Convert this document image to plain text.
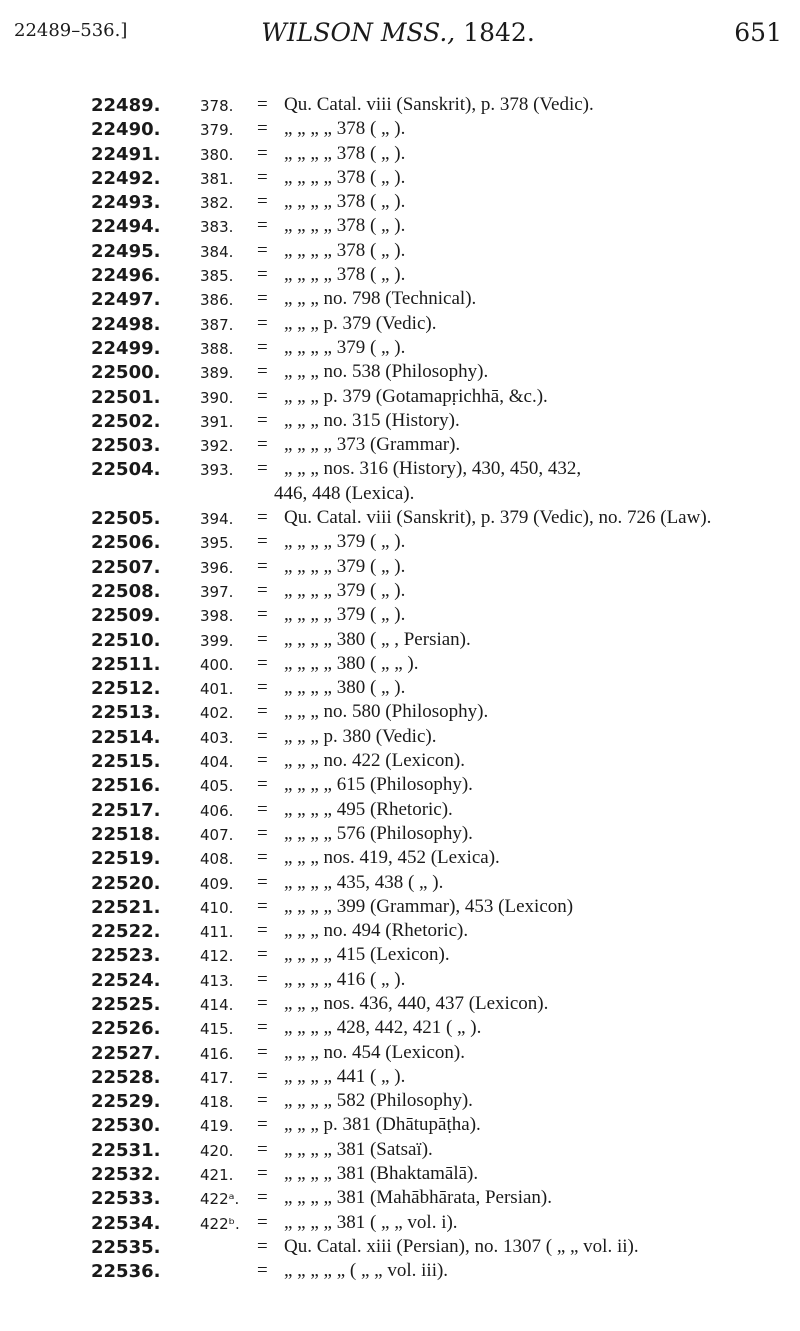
22489–536.]	WILSON MSS., 1842.	651
22489.	378. = Qu. Catal. viii (Sanskrit), p. 378 (Vedic).
22490.	379. = „ „ „ „ 378 ( „ ).
22491.	380. = „ „ „ „ 378 ( „ ).
22492.	381. = „ „ „ „ 378 ( „ ).
22493.	382. = „ „ „ „ 378 ( „ ).
22494.	383. = „ „ „ „ 378 ( „ ).
22495.	384. = „ „ „ „ 378 ( „ ).
22496.	385. = „ „ „ „ 378 ( „ ).
22497.	386. = „ „ „ no. 798 (Technical).
22498.	387. = „ „ „ p. 379 (Vedic).
22499.	388. = „ „ „ „ 379 ( „ ).
22500.	389. = „ „ „ no. 538 (Philosophy).
22501.	390. = „ „ „ p. 379 (Gotamapṛichhā, &c.).
22502.	391. = „ „ „ no. 315 (History).
22503.	392. = „ „ „ „ 373 (Grammar).
22504.	393. = „ „ „ nos. 316 (History), 430, 450, 432,
446, 448 (Lexica).
22505.	394. = Qu. Catal. viii (Sanskrit), p. 379 (Vedic), no. 726 (Law).
22506.	395. = „ „ „ „ 379 ( „ ).
22507.	396. = „ „ „ „ 379 ( „ ).
22508.	397. = „ „ „ „ 379 ( „ ).
22509.	398. = „ „ „ „ 379 ( „ ).
22510.	399. = „ „ „ „ 380 ( „ , Persian).
22511.	400. = „ „ „ „ 380 ( „ „ ).
22512.	401. = „ „ „ „ 380 ( „ ).
22513.	402. = „ „ „ no. 580 (Philosophy).
22514.	403. = „ „ „ p. 380 (Vedic).
22515.	404. = „ „ „ no. 422 (Lexicon).
22516.	405. = „ „ „ „ 615 (Philosophy).
22517.	406. = „ „ „ „ 495 (Rhetoric).
22518.	407. = „ „ „ „ 576 (Philosophy).
22519.	408. = „ „ „ nos. 419, 452 (Lexica).
22520.	409. = „ „ „ „ 435, 438 ( „ ).
22521.	410. = „ „ „ „ 399 (Grammar), 453 (Lexicon)
22522.	411. = „ „ „ no. 494 (Rhetoric).
22523.	412. = „ „ „ „ 415 (Lexicon).
22524.	413. = „ „ „ „ 416 ( „ ).
22525.	414. = „ „ „ nos. 436, 440, 437 (Lexicon).
22526.	415. = „ „ „ „ 428, 442, 421 ( „ ).
22527.	416. = „ „ „ no. 454 (Lexicon).
22528.	417. = „ „ „ „ 441 ( „ ).
22529.	418. = „ „ „ „ 582 (Philosophy).
22530.	419. = „ „ „ p. 381 (Dhātupāṭha).
22531.	420. = „ „ „ „ 381 (Satsaï).
22532.	421. = „ „ „ „ 381 (Bhaktamālā).
22533.	422ᵃ. = „ „ „ „ 381 (Mahābhārata, Persian).
22534.	422ᵇ. = „ „ „ „ 381 ( „ „ vol. i).
22535.	= Qu. Catal. xiii (Persian), no. 1307 ( „ „ vol. ii).
22536.	= „ „ „ „ „ ( „ „ vol. iii).
